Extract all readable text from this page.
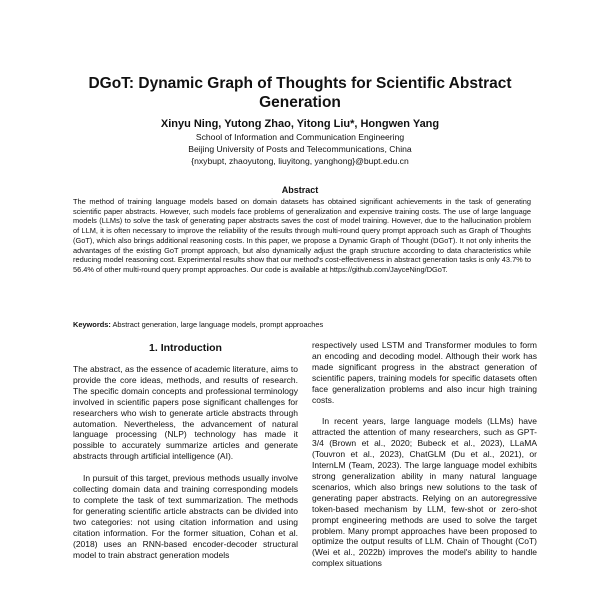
DGoT: Dynamic Graph of Thoughts for Scientific Abstract Generation
Xinyu Ning, Yutong Zhao, Yitong Liu*, Hongwen Yang
School of Information and Communication Engineering
Beijing University of Posts and Telecommunications, China
{nxybupt, zhaoyutong, liuyitong, yanghong}@bupt.edu.cn
Abstract
The method of training language models based on domain datasets has obtained significant achievements in the task of generating scientific paper abstracts. However, such models face problems of generalization and expensive training costs. The use of large language models (LLMs) to solve the task of generating paper abstracts saves the cost of model training. However, due to the hallucination problem of LLM, it is often necessary to improve the reliability of the results through multi-round query prompt approach such as Graph of Thoughts (GoT), which also brings additional reasoning costs. In this paper, we propose a Dynamic Graph of Thought (DGoT). It not only inherits the advantages of the existing GoT prompt approach, but also dynamically adjust the graph structure according to data characteristics while reducing model reasoning cost. Experimental results show that our method's cost-effectiveness in abstract generation tasks is only 43.7% to 56.4% of other multi-round query prompt approaches. Our code is available at https://github.com/JayceNing/DGoT.
Keywords: Abstract generation, large language models, prompt approaches
1. Introduction

The abstract, as the essence of academic literature, aims to provide the core ideas, methods, and results of research. The specific domain concepts and professional terminology involved in scientific papers pose significant challenges for researchers who wish to generate article abstracts through automation. Nevertheless, the advancement of natural language processing (NLP) technology has made it possible to accurately summarize articles and generate abstracts through artificial intelligence (AI).

In pursuit of this target, previous methods usually involve collecting domain data and training corresponding models to complete the task of text summarization. The methods for generating scientific article abstracts can be divided into two categories: not using citation information and using citation information. For the former situation, Cohan et al. (2018) uses an RNN-based encoder-decoder structural model to train abstract generation models

respectively used LSTM and Transformer modules to form an encoding and decoding model. Although their work has made significant progress in the abstract generation of scientific papers, training models for specific datasets often face generalization problems and also incur high training costs.

In recent years, large language models (LLMs) have attracted the attention of many researchers, such as GPT-3/4 (Brown et al., 2020; Bubeck et al., 2023), LLaMA (Touvron et al., 2023), ChatGLM (Du et al., 2021), or InternLM (Team, 2023). The large language model exhibits strong generalization ability in many natural language scenarios, which also brings new solutions to the task of generating paper abstracts. Relying on an autoregressive token-based mechanism by LLM, few-shot or zero-shot prompt engineering methods are used to solve the target problem. Many prompt approaches have been proposed to optimize the output results of LLM. Chain of Thought (CoT) (Wei et al., 2022b) improves the model's ability to handle complex situations
